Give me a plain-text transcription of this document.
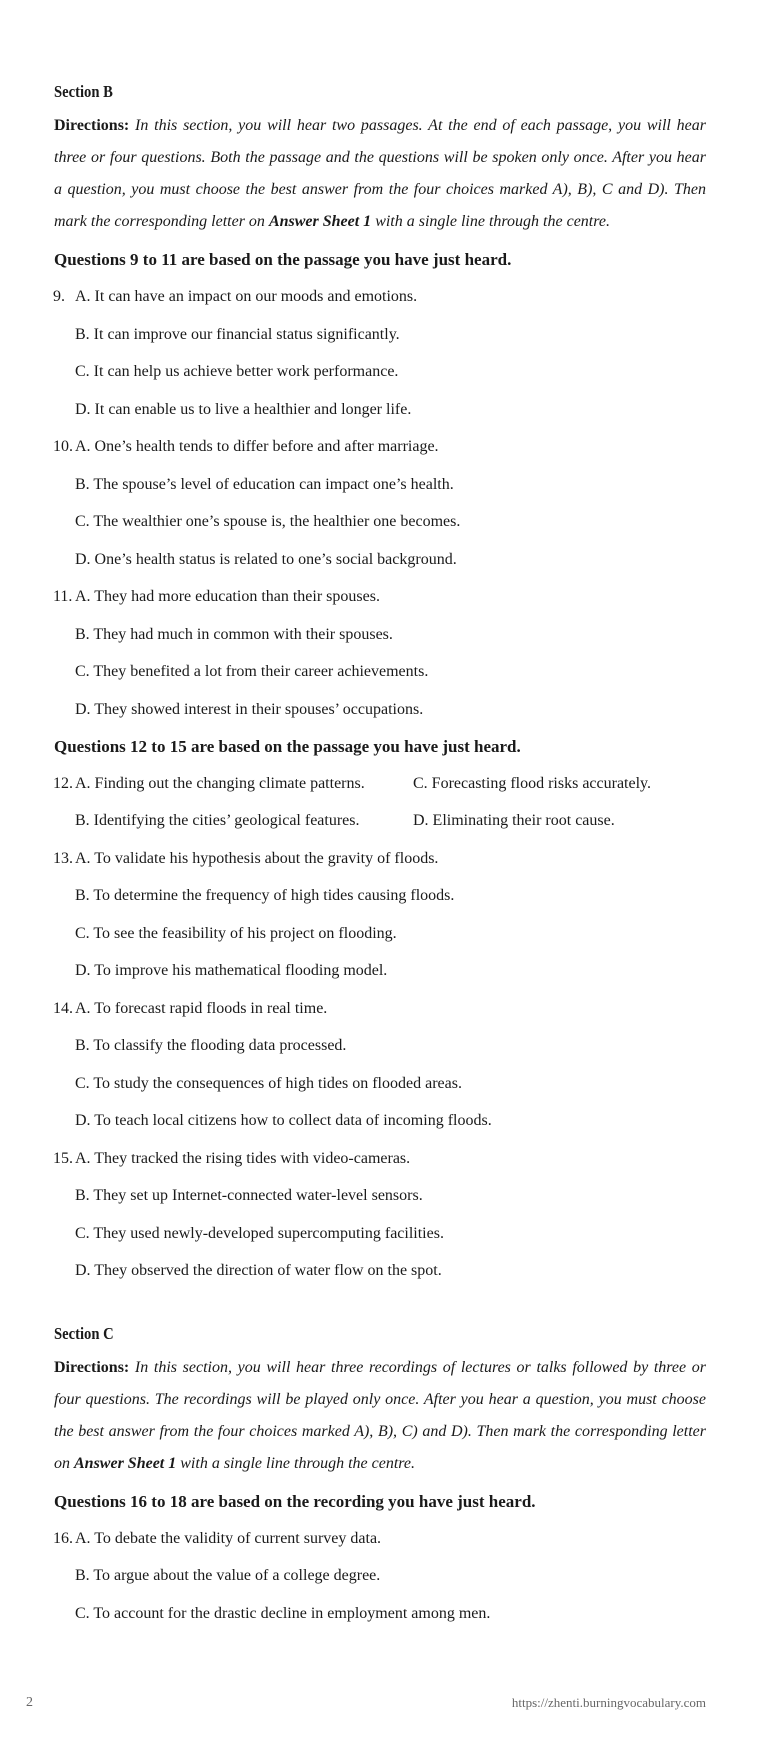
Section B

Directions: In this section, you will hear two passages. At the end of each passage, you will hear three or four questions. Both the passage and the questions will be spoken only once. After you hear a question, you must choose the best answer from the four choices marked A), B), C and D). Then mark the corresponding letter on Answer Sheet 1 with a single line through the centre.

Questions 9 to 11 are based on the passage you have just heard.
9. A. It can have an impact on our moods and emotions.
B. It can improve our financial status significantly.
C. It can help us achieve better work performance.
D. It can enable us to live a healthier and longer life.
10. A. One’s health tends to differ before and after marriage.
B. The spouse’s level of education can impact one’s health.
C. The wealthier one’s spouse is, the healthier one becomes.
D. One’s health status is related to one’s social background.
11. A. They had more education than their spouses.
B. They had much in common with their spouses.
C. They benefited a lot from their career achievements.
D. They showed interest in their spouses’ occupations.
Questions 12 to 15 are based on the passage you have just heard.
12. A. Finding out the changing climate patterns.	C. Forecasting flood risks accurately.
B. Identifying the cities’ geological features.	D. Eliminating their root cause.
13. A. To validate his hypothesis about the gravity of floods.
B. To determine the frequency of high tides causing floods.
C. To see the feasibility of his project on flooding.
D. To improve his mathematical flooding model.
14. A. To forecast rapid floods in real time.
B. To classify the flooding data processed.
C. To study the consequences of high tides on flooded areas.
D. To teach local citizens how to collect data of incoming floods.
15. A. They tracked the rising tides with video-cameras.
B. They set up Internet-connected water-level sensors.
C. They used newly-developed supercomputing facilities.
D. They observed the direction of water flow on the spot.
Section C

Directions: In this section, you will hear three recordings of lectures or talks followed by three or four questions. The recordings will be played only once. After you hear a question, you must choose the best answer from the four choices marked A), B), C) and D). Then mark the corresponding letter on Answer Sheet 1 with a single line through the centre.

Questions 16 to 18 are based on the recording you have just heard.
16. A. To debate the validity of current survey data.
B. To argue about the value of a college degree.
C. To account for the drastic decline in employment among men.
2	https://zhenti.burningvocabulary.com
